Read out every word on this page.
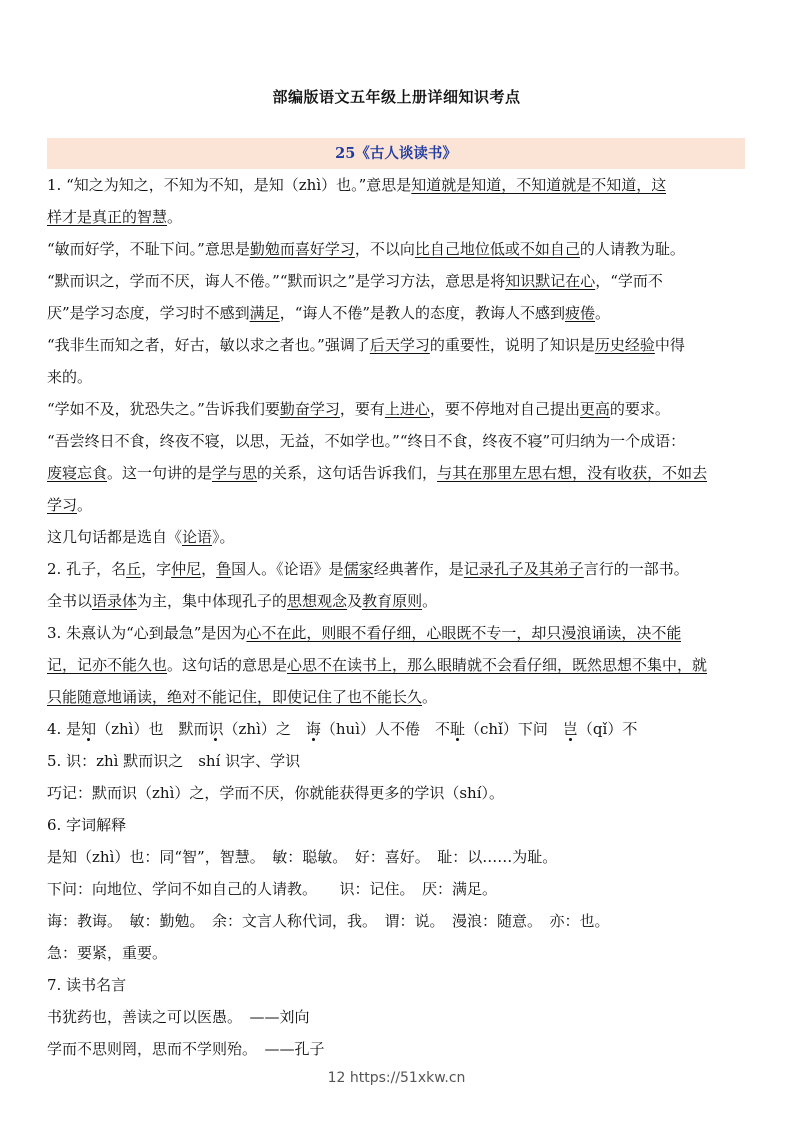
部编版语文五年级上册详细知识考点
25《古人谈读书》
1. “知之为知之，不知为不知，是知（zhì）也。”意思是知道就是知道，不知道就是不知道，这
样才是真正的智慧。
“敏而好学，不耻下问。”意思是勤勉而喜好学习，不以向比自己地位低或不如自己的人请教为耻。
“默而识之，学而不厌，诲人不倦。”“默而识之”是学习方法，意思是将知识默记在心，“学而不
厌”是学习态度，学习时不感到满足，“诲人不倦”是教人的态度，教诲人不感到疲倦。
“我非生而知之者，好古，敏以求之者也。”强调了后天学习的重要性，说明了知识是历史经验中得
来的。
“学如不及，犹恐失之。”告诉我们要勤奋学习，要有上进心，要不停地对自己提出更高的要求。
“吾尝终日不食，终夜不寝，以思，无益，不如学也。”“终日不食，终夜不寝”可归纳为一个成语：
废寝忘食。这一句讲的是学与思的关系，这句话告诉我们，与其在那里左思右想，没有收获，不如去
学习。
这几句话都是选自《论语》。
2. 孔子，名丘，字仲尼，鲁国人。《论语》是儒家经典著作，是记录孔子及其弟子言行的一部书。
全书以语录体为主，集中体现孔子的思想观念及教育原则。
3. 朱熹认为“心到最急”是因为心不在此，则眼不看仔细，心眼既不专一，却只漫浪诵读，决不能
记，记亦不能久也。这句话的意思是心思不在读书上，那么眼睛就不会看仔细，既然思想不集中，就
只能随意地诵读，绝对不能记住，即使记住了也不能长久。
4. 是知（zhì）也　默而识（zhì）之　诲（huì）人不倦　不耻（chǐ）下问　岂（qǐ）不
5. 识：zhì 默而识之　shí 识字、学识
巧记：默而识（zhì）之，学而不厌，你就能获得更多的学识（shí）。
6. 字词解释
是知（zhì）也：同“智”，智慧。　敏：聪敏。　好：喜好。　耻：以……为耻。
下问：向地位、学问不如自己的人请教。　　识：记住。　厌：满足。
诲：教诲。　敏：勤勉。　余：文言人称代词，我。　谓：说。　漫浪：随意。　亦：也。
急：要紧，重要。
7. 读书名言
书犹药也，善读之可以医愚。　——刘向
学而不思则罔，思而不学则殆。　——孔子
12 https://51xkw.cn
